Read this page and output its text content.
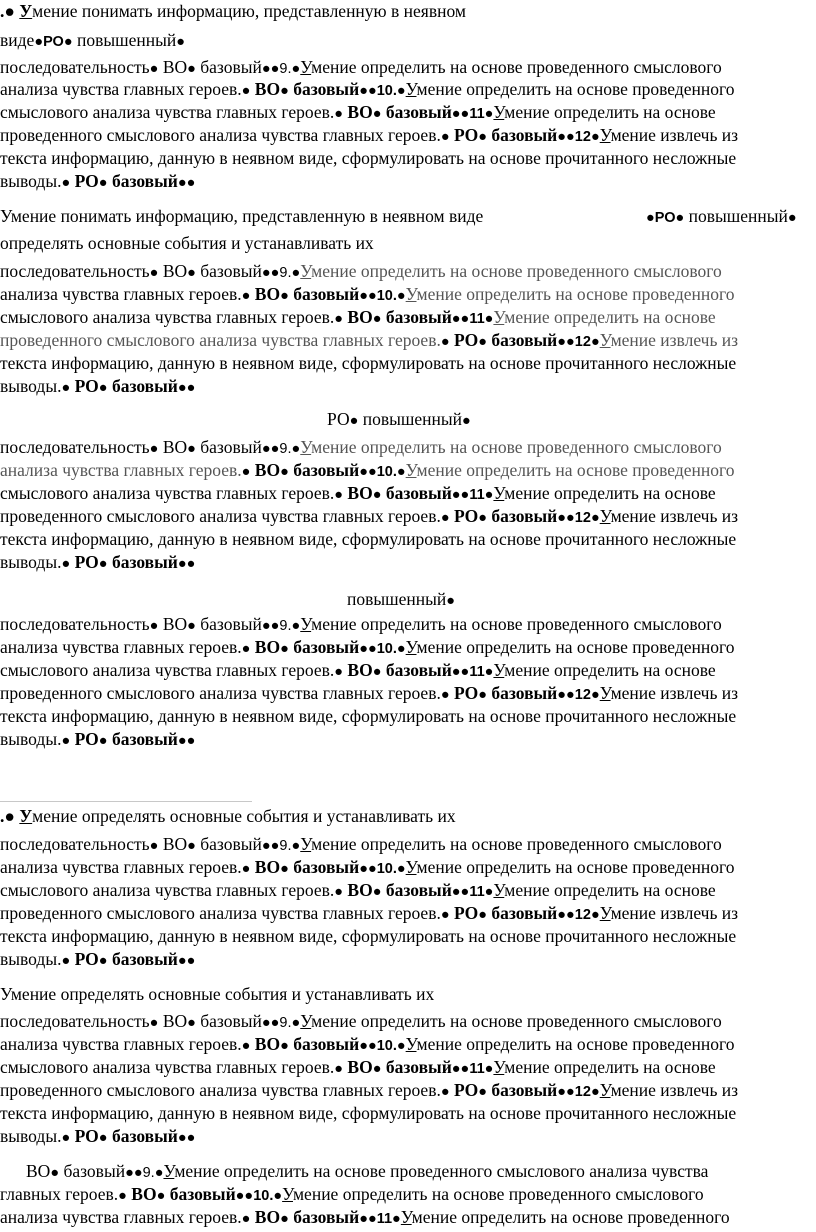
.● Умение понимать информацию, представленную в неявном
виде●РО● повышенный●
последовательность● ВО● базовый●●9.●Умение определить на основе проведенного смыслового
анализа чувства главных героев.● ВО● базовый●●10.●Умение определить на основе проведенного
смыслового анализа чувства главных героев.● ВО● базовый●●11●Умение определить на основе
проведенного смыслового анализа чувства главных героев.● РО● базовый●●12●Умение извлечь из
текста информацию, данную в неявном виде, сформулировать на основе прочитанного несложные
выводы.● РО● базовый●●
Умение понимать информацию, представленную в неявном виде	●РО● повышенный●
определять основные события и устанавливать их
последовательность● ВО● базовый●●9.●Умение определить на основе проведенного смыслового
анализа чувства главных героев.● ВО● базовый●●10.●Умение определить на основе проведенного
смыслового анализа чувства главных героев.● ВО● базовый●●11●Умение определить на основе
проведенного смыслового анализа чувства главных героев.● РО● базовый●●12●Умение извлечь из
текста информацию, данную в неявном виде, сформулировать на основе прочитанного несложные
выводы.● РО● базовый●●
РО● повышенный●
последовательность● ВО● базовый●●9.●Умение определить на основе проведенного смыслового
анализа чувства главных героев.● ВО● базовый●●10.●Умение определить на основе проведенного
смыслового анализа чувства главных героев.● ВО● базовый●●11●Умение определить на основе
проведенного смыслового анализа чувства главных героев.● РО● базовый●●12●Умение извлечь из
текста информацию, данную в неявном виде, сформулировать на основе прочитанного несложные
выводы.● РО● базовый●●
повышенный●
последовательность● ВО● базовый●●9.●Умение определить на основе проведенного смыслового
анализа чувства главных героев.● ВО● базовый●●10.●Умение определить на основе проведенного
смыслового анализа чувства главных героев.● ВО● базовый●●11●Умение определить на основе
проведенного смыслового анализа чувства главных героев.● РО● базовый●●12●Умение извлечь из
текста информацию, данную в неявном виде, сформулировать на основе прочитанного несложные
выводы.● РО● базовый●●
.● Умение определять основные события и устанавливать их
последовательность● ВО● базовый●●9.●Умение определить на основе проведенного смыслового
анализа чувства главных героев.● ВО● базовый●●10.●Умение определить на основе проведенного
смыслового анализа чувства главных героев.● ВО● базовый●●11●Умение определить на основе
проведенного смыслового анализа чувства главных героев.● РО● базовый●●12●Умение извлечь из
текста информацию, данную в неявном виде, сформулировать на основе прочитанного несложные
выводы.● РО● базовый●●
Умение определять основные события и устанавливать их
последовательность● ВО● базовый●●9.●Умение определить на основе проведенного смыслового
анализа чувства главных героев.● ВО● базовый●●10.●Умение определить на основе проведенного
смыслового анализа чувства главных героев.● ВО● базовый●●11●Умение определить на основе
проведенного смыслового анализа чувства главных героев.● РО● базовый●●12●Умение извлечь из
текста информацию, данную в неявном виде, сформулировать на основе прочитанного несложные
выводы.● РО● базовый●●
ВО● базовый●●9.●Умение определить на основе проведенного смыслового анализа чувства
главных героев.● ВО● базовый●●10.●Умение определить на основе проведенного смыслового
анализа чувства главных героев.● ВО● базовый●●11●Умение определить на основе проведенного
